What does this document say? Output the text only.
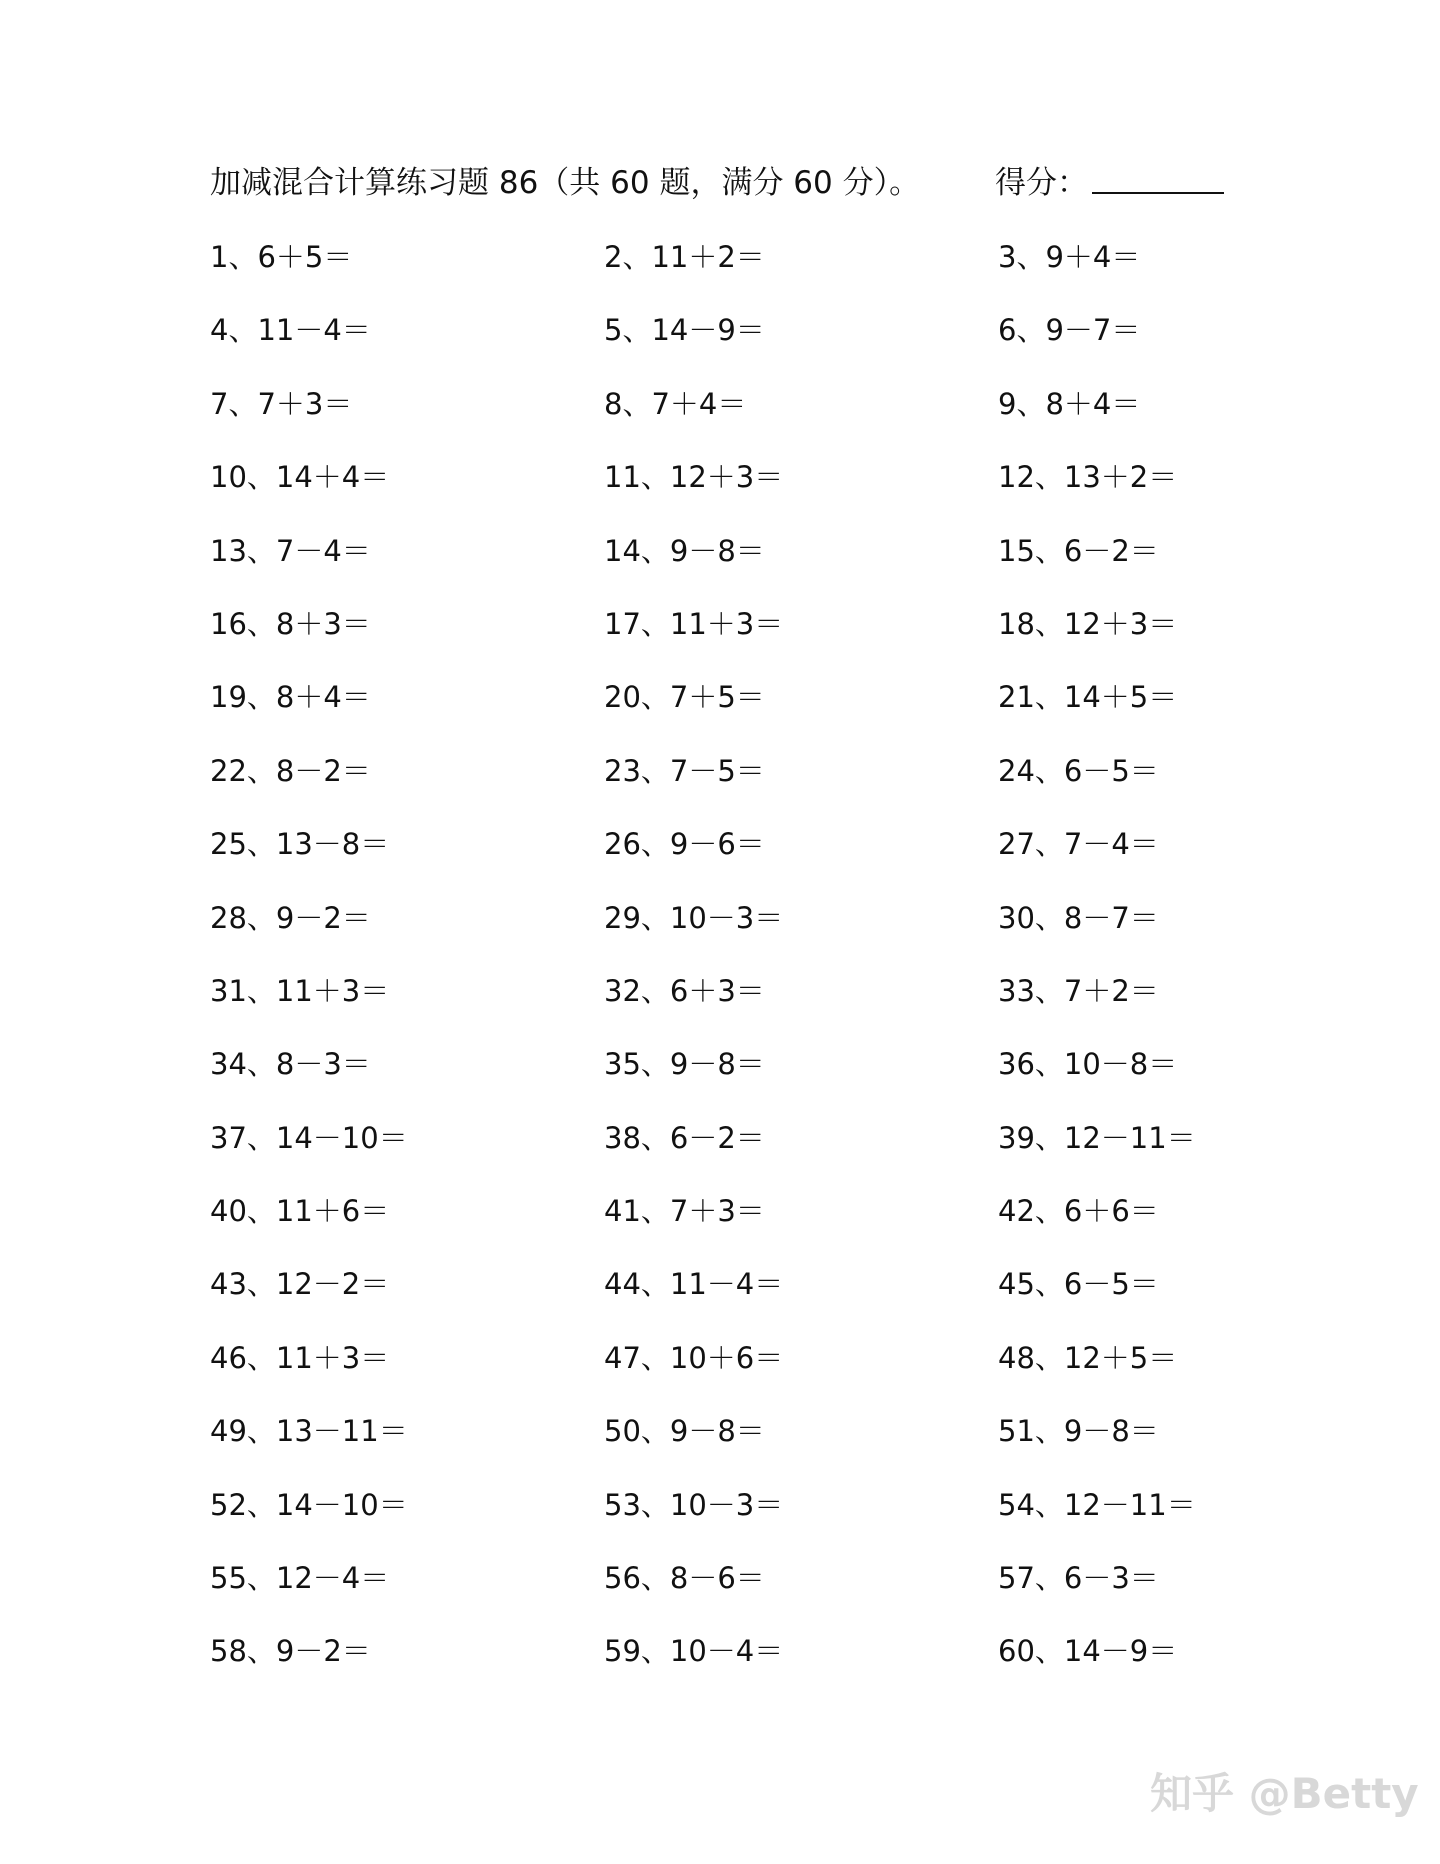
加减混合计算练习题 86（共 60 题，满分 60 分）。 得分：
1、6＋5＝	2、11＋2＝	3、9＋4＝
4、11－4＝	5、14－9＝	6、9－7＝
7、7＋3＝	8、7＋4＝	9、8＋4＝
10、14＋4＝	11、12＋3＝	12、13＋2＝
13、7－4＝	14、9－8＝	15、6－2＝
16、8＋3＝	17、11＋3＝	18、12＋3＝
19、8＋4＝	20、7＋5＝	21、14＋5＝
22、8－2＝	23、7－5＝	24、6－5＝
25、13－8＝	26、9－6＝	27、7－4＝
28、9－2＝	29、10－3＝	30、8－7＝
31、11＋3＝	32、6＋3＝	33、7＋2＝
34、8－3＝	35、9－8＝	36、10－8＝
37、14－10＝	38、6－2＝	39、12－11＝
40、11＋6＝	41、7＋3＝	42、6＋6＝
43、12－2＝	44、11－4＝	45、6－5＝
46、11＋3＝	47、10＋6＝	48、12＋5＝
49、13－11＝	50、9－8＝	51、9－8＝
52、14－10＝	53、10－3＝	54、12－11＝
55、12－4＝	56、8－6＝	57、6－3＝
58、9－2＝	59、10－4＝	60、14－9＝
知乎 @Betty
